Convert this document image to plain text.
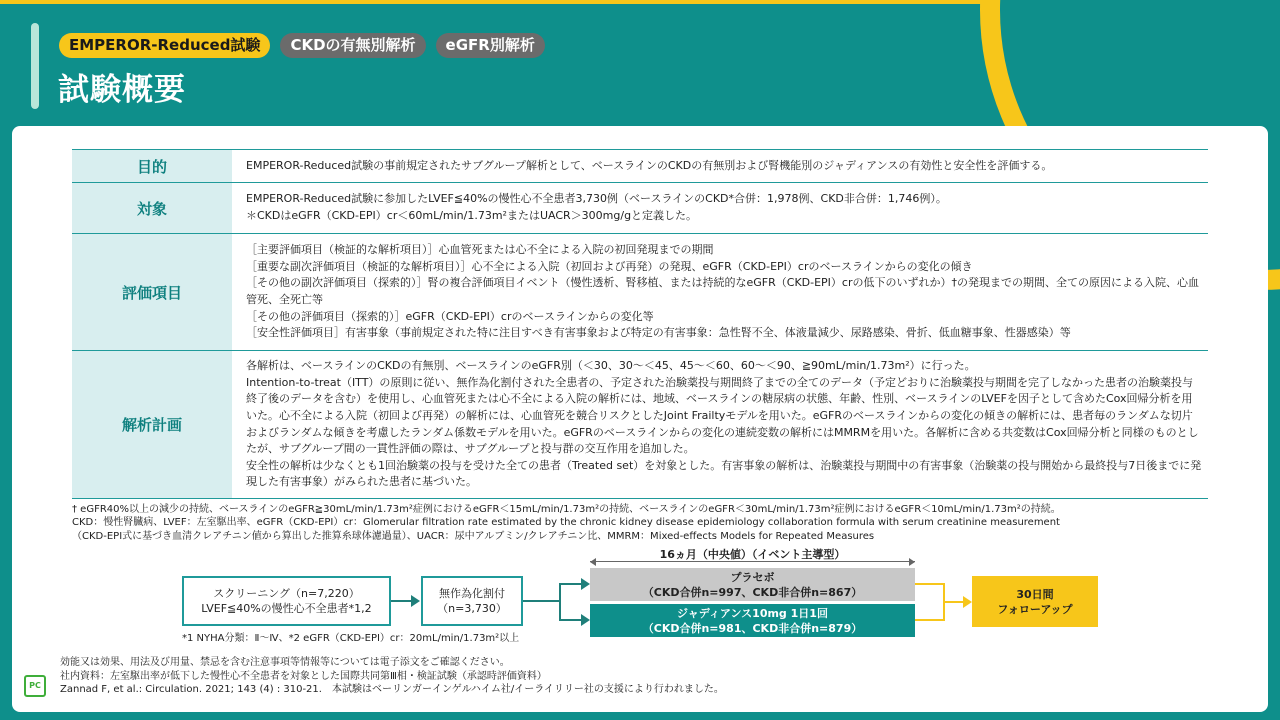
EMPEROR-Reduced試験	CKDの有無別解析	eGFR別解析
試験概要
目的	EMPEROR-Reduced試験の事前規定されたサブグループ解析として、ベースラインのCKDの有無別および腎機能別のジャディアンスの有効性と安全性を評価する。

対象	EMPEROR-Reduced試験に参加したLVEF≦40%の慢性心不全患者3,730例（ベースラインのCKD*合併：1,978例、CKD非合併：1,746例）。
＊CKDはeGFR（CKD-EPI）cr＜60mL/min/1.73m²またはUACR＞300mg/gと定義した。

評価項目	［主要評価項目（検証的な解析項目）］心血管死または心不全による入院の初回発現までの期間
［重要な副次評価項目（検証的な解析項目）］心不全による入院（初回および再発）の発現、eGFR（CKD-EPI）crのベースラインからの変化の傾き
［その他の副次評価項目（探索的）］腎の複合評価項目イベント（慢性透析、腎移植、または持続的なeGFR（CKD-EPI）crの低下のいずれか）†の発現までの期間、全ての原因による入院、心血管死、全死亡等
［その他の評価項目（探索的）］eGFR（CKD-EPI）crのベースラインからの変化等
［安全性評価項目］有害事象（事前規定された特に注目すべき有害事象および特定の有害事象：急性腎不全、体液量減少、尿路感染、骨折、低血糖事象、性器感染）等

解析計画	各解析は、ベースラインのCKDの有無別、ベースラインのeGFR別（＜30、30～＜45、45～＜60、60～＜90、≧90mL/min/1.73m²）に行った。
Intention-to-treat（ITT）の原則に従い、無作為化割付された全患者の、予定された治験薬投与期間終了までの全てのデータ（予定どおりに治験薬投与期間を完了しなかった患者の治験薬投与終了後のデータを含む）を使用し、心血管死または心不全による入院の解析には、地域、ベースラインの糖尿病の状態、年齢、性別、ベースラインのLVEFを因子として含めたCox回帰分析を用いた。心不全による入院（初回よび再発）の解析には、心血管死を競合リスクとしたJoint Frailtyモデルを用いた。eGFRのベースラインからの変化の傾きの解析には、患者毎のランダムな切片およびランダムな傾きを考慮したランダム係数モデルを用いた。eGFRのベースラインからの変化の連続変数の解析にはMMRMを用いた。各解析に含める共変数はCox回帰分析と同様のものとしたが、サブグループ間の一貫性評価の際は、サブグループと投与群の交互作用を追加した。
安全性の解析は少なくとも1回治験薬の投与を受けた全ての患者（Treated set）を対象とした。有害事象の解析は、治験薬投与期間中の有害事象（治験薬の投与開始から最終投与7日後までに発現した有害事象）がみられた患者に基づいた。
† eGFR40%以上の減少の持続、ベースラインのeGFR≧30mL/min/1.73m²症例におけるeGFR＜15mL/min/1.73m²の持続、ベースラインのeGFR＜30mL/min/1.73m²症例におけるeGFR＜10mL/min/1.73m²の持続。
CKD：慢性腎臓病、LVEF：左室駆出率、eGFR（CKD-EPI）cr：Glomerular filtration rate estimated by the chronic kidney disease epidemiology collaboration formula with serum creatinine measurement
（CKD-EPI式に基づき血清クレアチニン値から算出した推算糸球体濾過量）、UACR：尿中アルブミン/クレアチニン比、MMRM：Mixed-effects Models for Repeated Measures
16ヵ月（中央値）（イベント主導型）
スクリーニング（n=7,220）
LVEF≦40%の慢性心不全患者*1,2
無作為化割付
（n=3,730）
プラセボ
（CKD合併n=997、CKD非合併n=867）
ジャディアンス10mg 1日1回
（CKD合併n=981、CKD非合併n=879）
30日間
フォローアップ
*1 NYHA分類：Ⅱ～Ⅳ、*2 eGFR（CKD-EPI）cr：20mL/min/1.73m²以上
PC
効能又は効果、用法及び用量、禁忌を含む注意事項等情報等については電子添文をご確認ください。
社内資料：左室駆出率が低下した慢性心不全患者を対象とした国際共同第Ⅲ相・検証試験（承認時評価資料）
Zannad F, et al.: Circulation. 2021; 143 (4) : 310-21.　本試験はベーリンガーインゲルハイム社/イーライリリー社の支援により行われました。
